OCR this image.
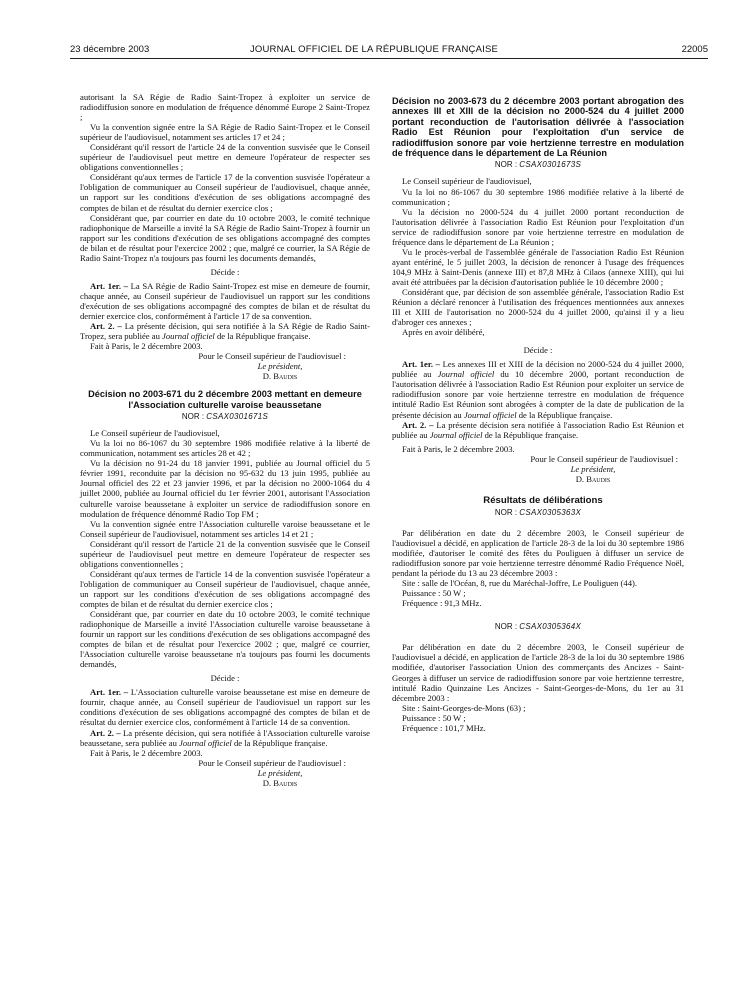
23 décembre 2003	JOURNAL OFFICIEL DE LA RÉPUBLIQUE FRANÇAISE	22005

autorisant la SA Régie de Radio Saint-Tropez à exploiter un service de radiodiffusion sonore en modulation de fréquence dénommé Europe 2 Saint-Tropez ;

Vu la convention signée entre la SA Régie de Radio Saint-Tropez et le Conseil supérieur de l'audiovisuel, notamment ses articles 17 et 24 ;

Considérant qu'il ressort de l'article 24 de la convention susvisée que le Conseil supérieur de l'audiovisuel peut mettre en demeure l'opérateur de respecter ses obligations conventionnelles ;

Considérant qu'aux termes de l'article 17 de la convention susvisée l'opérateur a l'obligation de communiquer au Conseil supérieur de l'audiovisuel, chaque année, un rapport sur les conditions d'exécution de ses obligations accompagné des comptes de bilan et de résultat du dernier exercice clos ;

Considérant que, par courrier en date du 10 octobre 2003, le comité technique radiophonique de Marseille a invité la SA Régie de Radio Saint-Tropez à fournir un rapport sur les conditions d'exécution de ses obligations accompagné des comptes de bilan et de résultat pour l'exercice 2002 ; que, malgré ce courrier, la SA Régie de Radio Saint-Tropez n'a toujours pas fourni les documents demandés,

Décide :

Art. 1er. – La SA Régie de Radio Saint-Tropez est mise en demeure de fournir, chaque année, au Conseil supérieur de l'audiovisuel un rapport sur les conditions d'exécution de ses obligations accompagné des comptes de bilan et de résultat du dernier exercice clos, conformément à l'article 17 de sa convention.

Art. 2. – La présente décision, qui sera notifiée à la SA Régie de Radio Saint-Tropez, sera publiée au Journal officiel de la République française.

Fait à Paris, le 2 décembre 2003.

Pour le Conseil supérieur de l'audiovisuel :

Le président,

D. Baudis

Décision no 2003-671 du 2 décembre 2003 mettant en demeure l'Association culturelle varoise beaussetane

NOR : CSAX0301671S

Le Conseil supérieur de l'audiovisuel,

Vu la loi no 86-1067 du 30 septembre 1986 modifiée relative à la liberté de communication, notamment ses articles 28 et 42 ;

Vu la décision no 91-24 du 18 janvier 1991, publiée au Journal officiel du 5 février 1991, reconduite par la décision no 95-632 du 13 juin 1995, publiée au Journal officiel des 22 et 23 janvier 1996, et par la décision no 2000-1064 du 4 juillet 2000, publiée au Journal officiel du 1er février 2001, autorisant l'Association culturelle varoise beaussetane à exploiter un service de radiodiffusion sonore en modulation de fréquence dénommé Radio Top FM ;

Vu la convention signée entre l'Association culturelle varoise beaussetane et le Conseil supérieur de l'audiovisuel, notamment ses articles 14 et 21 ;

Considérant qu'il ressort de l'article 21 de la convention susvisée que le Conseil supérieur de l'audiovisuel peut mettre en demeure l'opérateur de respecter ses obligations conventionnelles ;

Considérant qu'aux termes de l'article 14 de la convention susvisée l'opérateur a l'obligation de communiquer au Conseil supérieur de l'audiovisuel, chaque année, un rapport sur les conditions d'exécution de ses obligations accompagné des comptes de bilan et de résultat du dernier exercice clos ;

Considérant que, par courrier en date du 10 octobre 2003, le comité technique radiophonique de Marseille a invité l'Association culturelle varoise beaussetane à fournir un rapport sur les conditions d'exécution de ses obligations accompagné des comptes de bilan et de résultat pour l'exercice 2002 ; que, malgré ce courrier, l'Association culturelle varoise beaussetane n'a toujours pas fourni les documents demandés,

Décide :

Art. 1er. – L'Association culturelle varoise beaussetane est mise en demeure de fournir, chaque année, au Conseil supérieur de l'audiovisuel un rapport sur les conditions d'exécution de ses obligations accompagné des comptes de bilan et de résultat du dernier exercice clos, conformément à l'article 14 de sa convention.

Art. 2. – La présente décision, qui sera notifiée à l'Association culturelle varoise beaussetane, sera publiée au Journal officiel de la République française.

Fait à Paris, le 2 décembre 2003.

Pour le Conseil supérieur de l'audiovisuel :

Le président,

D. Baudis

Décision no 2003-673 du 2 décembre 2003 portant abrogation des annexes III et XIII de la décision no 2000-524 du 4 juillet 2000 portant reconduction de l'autorisation délivrée à l'association Radio Est Réunion pour l'exploitation d'un service de radiodiffusion sonore par voie hertzienne terrestre en modulation de fréquence dans le département de La Réunion

NOR : CSAX0301673S

Le Conseil supérieur de l'audiovisuel,

Vu la loi no 86-1067 du 30 septembre 1986 modifiée relative à la liberté de communication ;

Vu la décision no 2000-524 du 4 juillet 2000 portant reconduction de l'autorisation délivrée à l'association Radio Est Réunion pour l'exploitation d'un service de radiodiffusion sonore par voie hertzienne terrestre en modulation de fréquence dans le département de La Réunion ;

Vu le procès-verbal de l'assemblée générale de l'association Radio Est Réunion ayant entériné, le 5 juillet 2003, la décision de renoncer à l'usage des fréquences 104,9 MHz à Saint-Denis (annexe III) et 87,8 MHz à Cilaos (annexe XIII), qui lui avait été attribuées par la décision d'autorisation publiée le 10 décembre 2000 ;

Considérant que, par décision de son assemblée générale, l'association Radio Est Réunion a déclaré renoncer à l'utilisation des fréquences mentionnées aux annexes III et XIII de l'autorisation no 2000-524 du 4 juillet 2000, qu'ainsi il y a lieu d'abroger ces annexes ;

Après en avoir délibéré,

Décide :

Art. 1er. – Les annexes III et XIII de la décision no 2000-524 du 4 juillet 2000, publiée au Journal officiel du 10 décembre 2000, portant reconduction de l'autorisation délivrée à l'association Radio Est Réunion pour exploiter un service de radiodiffusion sonore par voie hertzienne terrestre en modulation de fréquence intitulé Radio Est Réunion sont abrogées à compter de la date de publication de la présente décision au Journal officiel de la République française.

Art. 2. – La présente décision sera notifiée à l'association Radio Est Réunion et publiée au Journal officiel de la République française.

Fait à Paris, le 2 décembre 2003.

Pour le Conseil supérieur de l'audiovisuel :

Le président,

D. Baudis

Résultats de délibérations

NOR : CSAX0305363X

Par délibération en date du 2 décembre 2003, le Conseil supérieur de l'audiovisuel a décidé, en application de l'article 28-3 de la loi du 30 septembre 1986 modifiée, d'autoriser le comité des fêtes du Pouliguen à diffuser un service de radiodiffusion sonore par voie hertzienne terrestre dénommé Radio Fréquence Noël, pendant la période du 13 au 23 décembre 2003 :

Site : salle de l'Océan, 8, rue du Maréchal-Joffre, Le Pouliguen (44).

Puissance : 50 W ;

Fréquence : 91,3 MHz.

NOR : CSAX0305364X

Par délibération en date du 2 décembre 2003, le Conseil supérieur de l'audiovisuel a décidé, en application de l'article 28-3 de la loi du 30 septembre 1986 modifiée, d'autoriser l'association Union des commerçants des Ancizes - Saint-Georges à diffuser un service de radiodiffusion sonore par voie hertzienne terrestre, intitulé Radio Quinzaine Les Ancizes - Saint-Georges-de-Mons, du 1er au 31 décembre 2003 :

Site : Saint-Georges-de-Mons (63) ;

Puissance : 50 W ;

Fréquence : 101,7 MHz.
